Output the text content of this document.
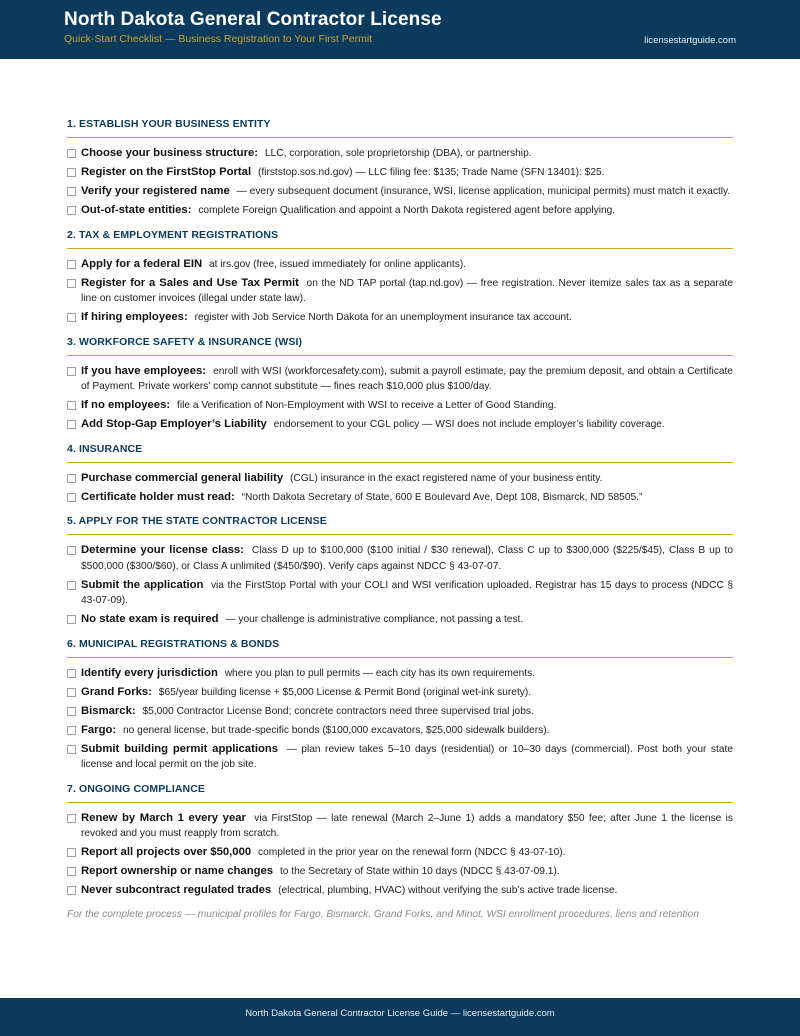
North Dakota General Contractor License
Quick-Start Checklist — Business Registration to Your First Permit	licensestartguide.com
1. ESTABLISH YOUR BUSINESS ENTITY
Choose your business structure: LLC, corporation, sole proprietorship (DBA), or partnership.
Register on the FirstStop Portal (firststop.sos.nd.gov) — LLC filing fee: $135; Trade Name (SFN 13401): $25.
Verify your registered name — every subsequent document (insurance, WSI, license application, municipal permits) must match it exactly.
Out-of-state entities: complete Foreign Qualification and appoint a North Dakota registered agent before applying.
2. TAX & EMPLOYMENT REGISTRATIONS
Apply for a federal EIN at irs.gov (free, issued immediately for online applicants).
Register for a Sales and Use Tax Permit on the ND TAP portal (tap.nd.gov) — free registration. Never itemize sales tax as a separate line on customer invoices (illegal under state law).
If hiring employees: register with Job Service North Dakota for an unemployment insurance tax account.
3. WORKFORCE SAFETY & INSURANCE (WSI)
If you have employees: enroll with WSI (workforcesafety.com), submit a payroll estimate, pay the premium deposit, and obtain a Certificate of Payment. Private workers’ comp cannot substitute — fines reach $10,000 plus $100/day.
If no employees: file a Verification of Non-Employment with WSI to receive a Letter of Good Standing.
Add Stop-Gap Employer’s Liability endorsement to your CGL policy — WSI does not include employer’s liability coverage.
4. INSURANCE
Purchase commercial general liability (CGL) insurance in the exact registered name of your business entity.
Certificate holder must read: “North Dakota Secretary of State, 600 E Boulevard Ave, Dept 108, Bismarck, ND 58505.”
5. APPLY FOR THE STATE CONTRACTOR LICENSE
Determine your license class: Class D up to $100,000 ($100 initial / $30 renewal), Class C up to $300,000 ($225/$45), Class B up to $500,000 ($300/$60), or Class A unlimited ($450/$90). Verify caps against NDCC § 43-07-07.
Submit the application via the FirstStop Portal with your COLI and WSI verification uploaded. Registrar has 15 days to process (NDCC § 43-07-09).
No state exam is required — your challenge is administrative compliance, not passing a test.
6. MUNICIPAL REGISTRATIONS & BONDS
Identify every jurisdiction where you plan to pull permits — each city has its own requirements.
Grand Forks: $65/year building license + $5,000 License & Permit Bond (original wet-ink surety).
Bismarck: $5,000 Contractor License Bond; concrete contractors need three supervised trial jobs.
Fargo: no general license, but trade-specific bonds ($100,000 excavators, $25,000 sidewalk builders).
Submit building permit applications — plan review takes 5–10 days (residential) or 10–30 days (commercial). Post both your state license and local permit on the job site.
7. ONGOING COMPLIANCE
Renew by March 1 every year via FirstStop — late renewal (March 2–June 1) adds a mandatory $50 fee; after June 1 the license is revoked and you must reapply from scratch.
Report all projects over $50,000 completed in the prior year on the renewal form (NDCC § 43-07-10).
Report ownership or name changes to the Secretary of State within 10 days (NDCC § 43-07-09.1).
Never subcontract regulated trades (electrical, plumbing, HVAC) without verifying the sub’s active trade license.
For the complete process — municipal profiles for Fargo, Bismarck, Grand Forks, and Minot, WSI enrollment procedures, liens and retention
North Dakota General Contractor License Guide — licensestartguide.com
